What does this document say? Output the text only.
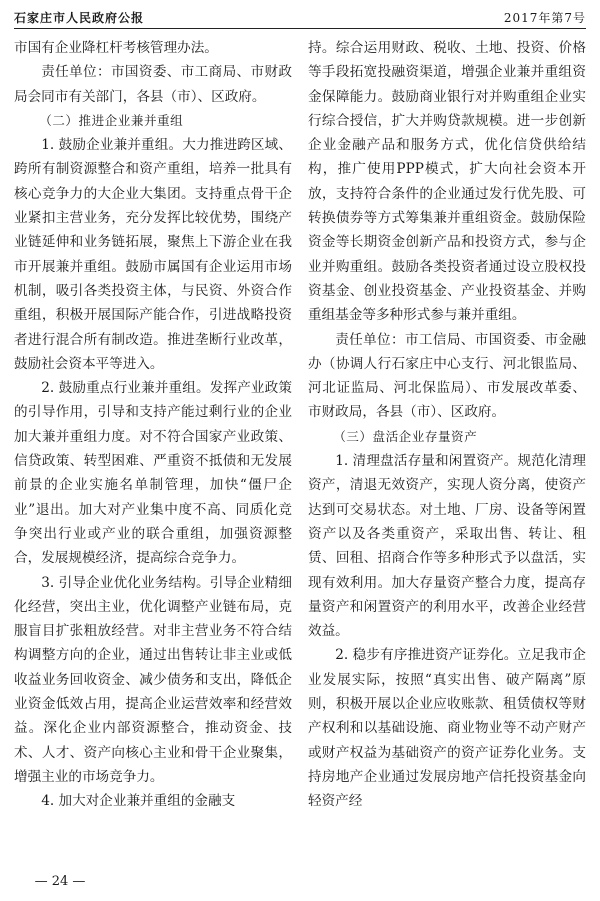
石家庄市人民政府公报	2017年第7号

市国有企业降杠杆考核管理办法。

责任单位：市国资委、市工商局、市财政局会同市有关部门，各县（市）、区政府。

（二）推进企业兼并重组

1. 鼓励企业兼并重组。大力推进跨区域、跨所有制资源整合和资产重组，培养一批具有核心竞争力的大企业大集团。支持重点骨干企业紧扣主营业务，充分发挥比较优势，围绕产业链延伸和业务链拓展，聚焦上下游企业在我市开展兼并重组。鼓励市属国有企业运用市场机制，吸引各类投资主体，与民资、外资合作重组，积极开展国际产能合作，引进战略投资者进行混合所有制改造。推进垄断行业改革，鼓励社会资本平等进入。

2. 鼓励重点行业兼并重组。发挥产业政策的引导作用，引导和支持产能过剩行业的企业加大兼并重组力度。对不符合国家产业政策、信贷政策、转型困难、严重资不抵债和无发展前景的企业实施名单制管理，加快“僵尸企业”退出。加大对产业集中度不高、同质化竞争突出行业或产业的联合重组，加强资源整合，发展规模经济，提高综合竞争力。

3. 引导企业优化业务结构。引导企业精细化经营，突出主业，优化调整产业链布局，克服盲目扩张粗放经营。对非主营业务不符合结构调整方向的企业，通过出售转让非主业或低收益业务回收资金、减少债务和支出，降低企业资金低效占用，提高企业运营效率和经营效益。深化企业内部资源整合，推动资金、技术、人才、资产向核心主业和骨干企业聚集，增强主业的市场竞争力。

4. 加大对企业兼并重组的金融支

持。综合运用财政、税收、土地、投资、价格等手段拓宽投融资渠道，增强企业兼并重组资金保障能力。鼓励商业银行对并购重组企业实行综合授信，扩大并购贷款规模。进一步创新企业金融产品和服务方式，优化信贷供给结构，推广使用PPP模式，扩大向社会资本开放，支持符合条件的企业通过发行优先股、可转换债券等方式筹集兼并重组资金。鼓励保险资金等长期资金创新产品和投资方式，参与企业并购重组。鼓励各类投资者通过设立股权投资基金、创业投资基金、产业投资基金、并购重组基金等多种形式参与兼并重组。

责任单位：市工信局、市国资委、市金融办（协调人行石家庄中心支行、河北银监局、河北证监局、河北保监局）、市发展改革委、市财政局，各县（市）、区政府。

（三）盘活企业存量资产

1. 清理盘活存量和闲置资产。规范化清理资产，清退无效资产，实现人资分离，使资产达到可交易状态。对土地、厂房、设备等闲置资产以及各类重资产，采取出售、转让、租赁、回租、招商合作等多种形式予以盘活，实现有效利用。加大存量资产整合力度，提高存量资产和闲置资产的利用水平，改善企业经营效益。

2. 稳步有序推进资产证券化。立足我市企业发展实际，按照“真实出售、破产隔离”原则，积极开展以企业应收账款、租赁债权等财产权利和以基础设施、商业物业等不动产财产或财产权益为基础资产的资产证券化业务。支持房地产企业通过发展房地产信托投资基金向轻资产经

— 24 —
